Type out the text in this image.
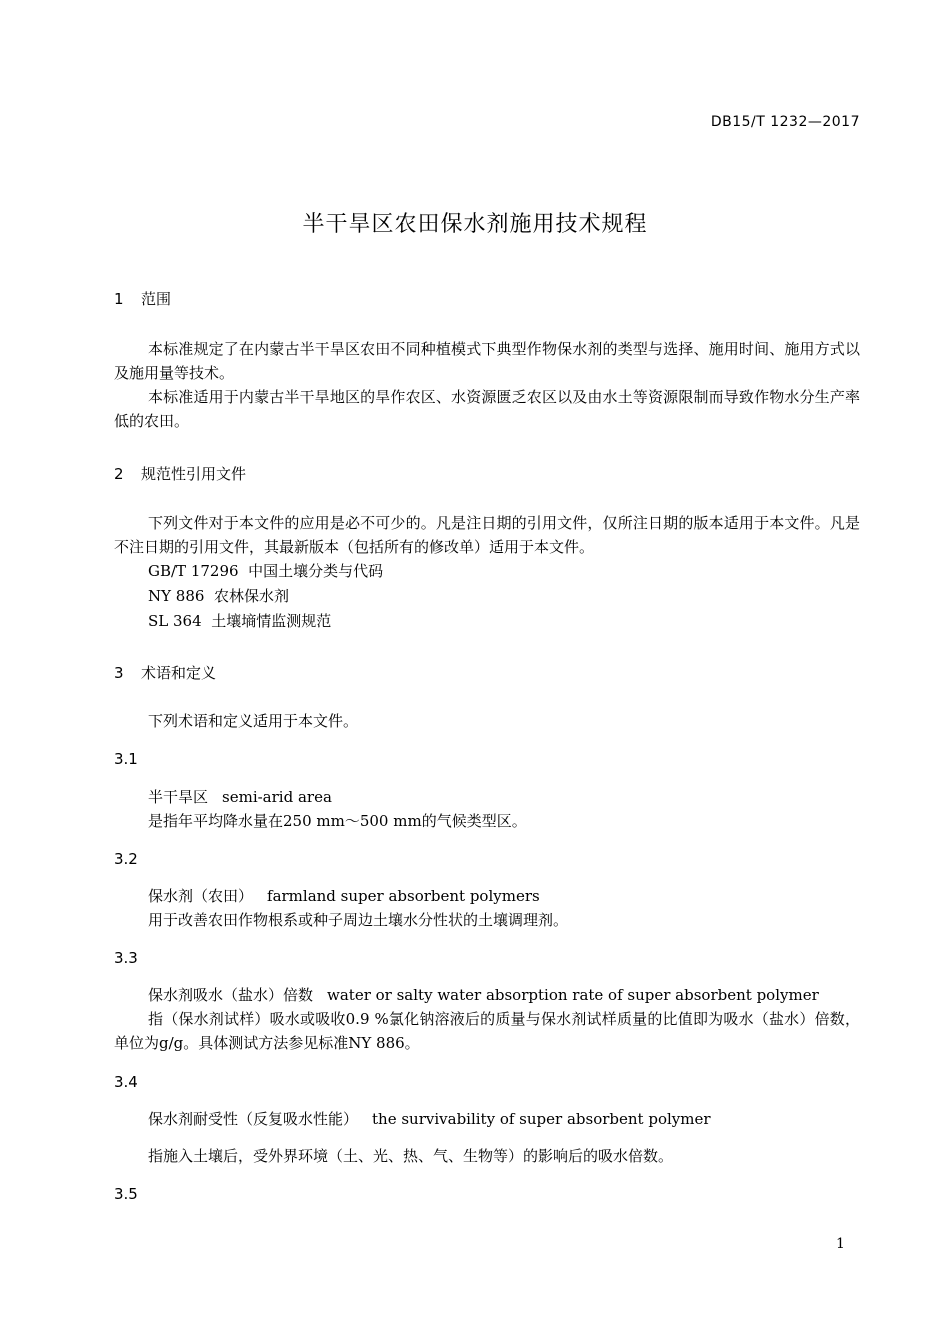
DB15/T 1232—2017
半干旱区农田保水剂施用技术规程
1 范围
本标准规定了在内蒙古半干旱区农田不同种植模式下典型作物保水剂的类型与选择、施用时间、施用方式以及施用量等技术。
本标准适用于内蒙古半干旱地区的旱作农区、水资源匮乏农区以及由水土等资源限制而导致作物水分生产率低的农田。
2 规范性引用文件
下列文件对于本文件的应用是必不可少的。凡是注日期的引用文件，仅所注日期的版本适用于本文件。凡是不注日期的引用文件，其最新版本（包括所有的修改单）适用于本文件。
GB/T 17296 中国土壤分类与代码
NY 886 农林保水剂
SL 364 土壤墒情监测规范
3 术语和定义
下列术语和定义适用于本文件。
3.1
半干旱区 semi-arid area
是指年平均降水量在250 mm～500 mm的气候类型区。
3.2
保水剂（农田） farmland super absorbent polymers
用于改善农田作物根系或种子周边土壤水分性状的土壤调理剂。
3.3
保水剂吸水（盐水）倍数 water or salty water absorption rate of super absorbent polymer
指（保水剂试样）吸水或吸收0.9 %氯化钠溶液后的质量与保水剂试样质量的比值即为吸水（盐水）倍数，单位为g/g。具体测试方法参见标准NY 886。
3.4
保水剂耐受性（反复吸水性能） the survivability of super absorbent polymer
指施入土壤后，受外界环境（土、光、热、气、生物等）的影响后的吸水倍数。
3.5
1
